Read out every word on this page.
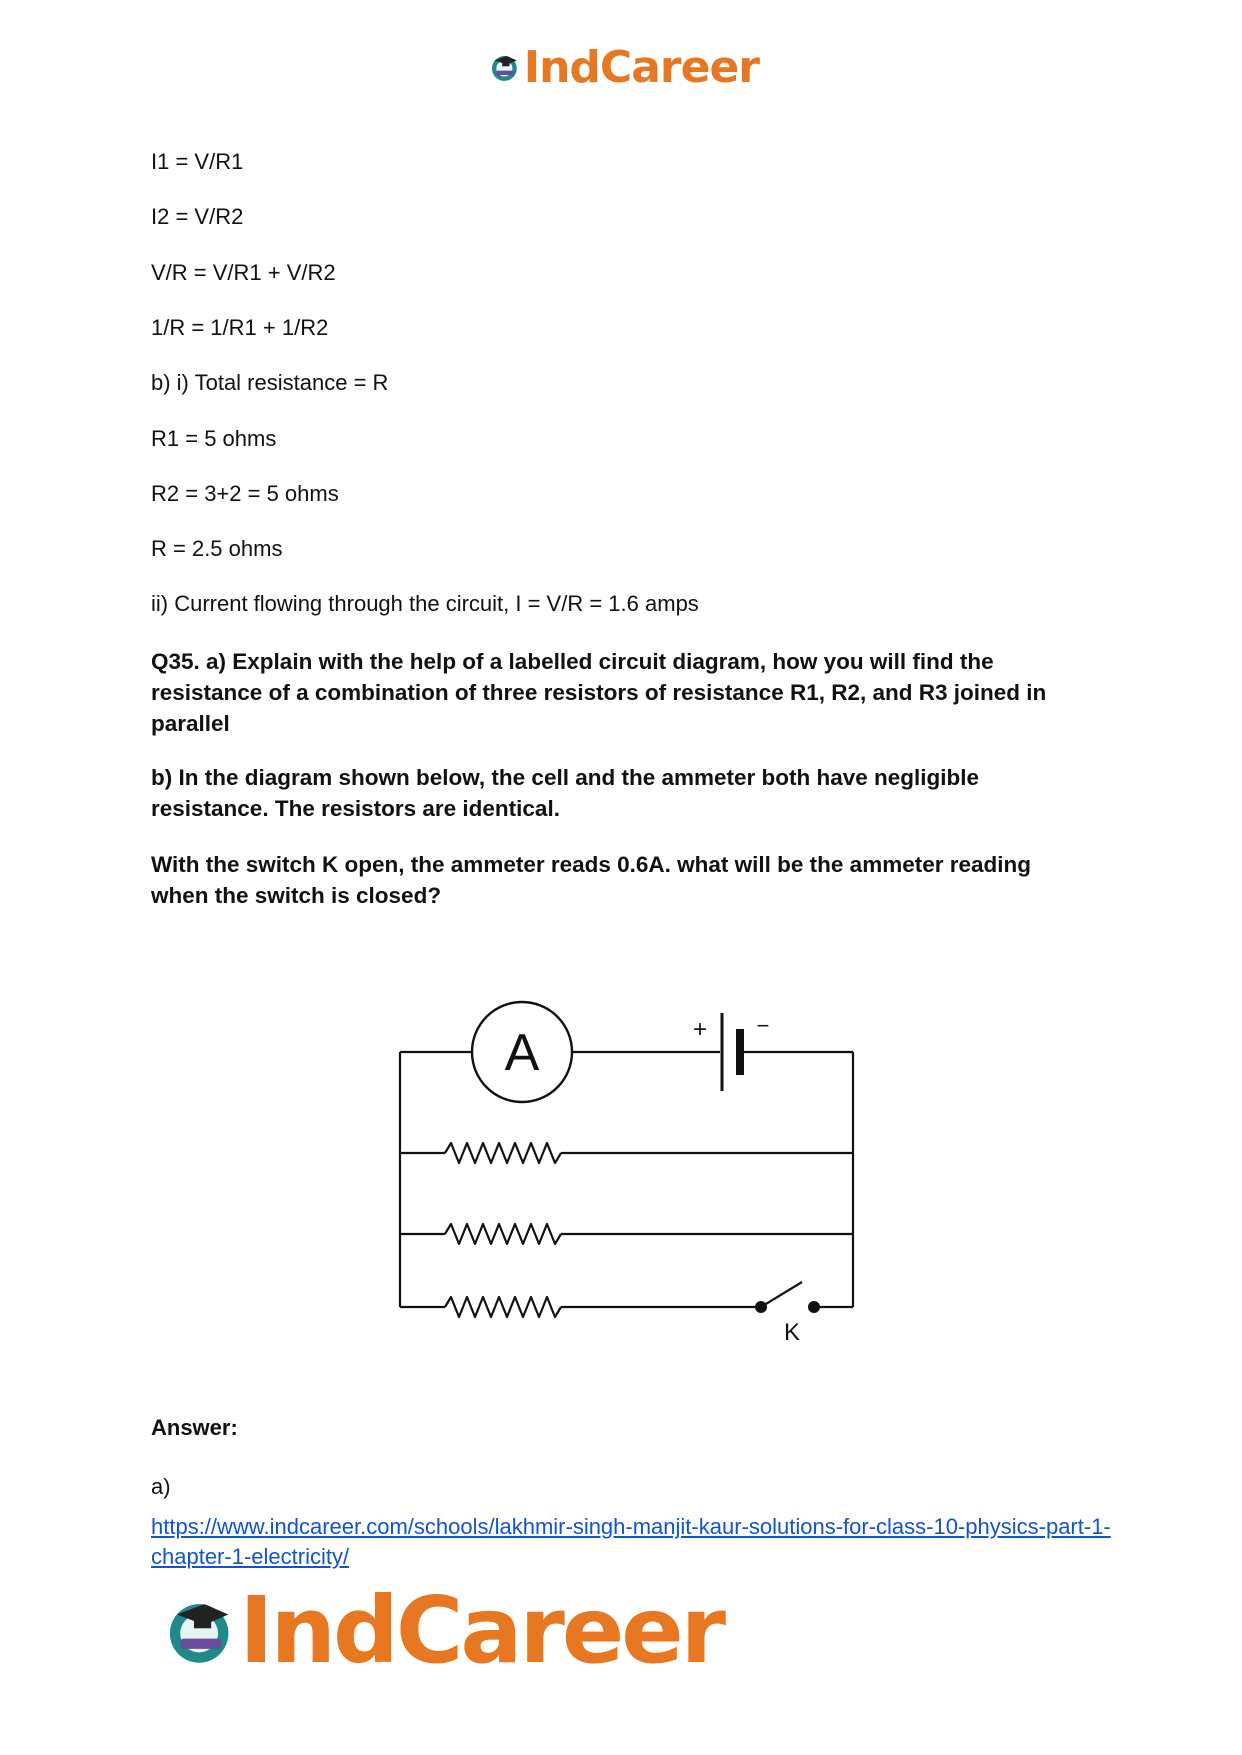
IndCareer
I1 = V/R1
I2 = V/R2
V/R = V/R1 + V/R2
1/R = 1/R1 + 1/R2
b) i) Total resistance = R
R1 = 5 ohms
R2 = 3+2 = 5 ohms
R = 2.5 ohms
ii) Current flowing through the circuit, I = V/R = 1.6 amps
Q35. a) Explain with the help of a labelled circuit diagram, how you will find the resistance of a combination of three resistors of resistance R1, R2, and R3 joined in parallel
b) In the diagram shown below, the cell and the ammeter both have negligible resistance. The resistors are identical.
With the switch K open, the ammeter reads 0.6A. what will be the ammeter reading when the switch is closed?
Answer:
a)
https://www.indcareer.com/schools/lakhmir-singh-manjit-kaur-solutions-for-class-10-physics-part-1-chapter-1-electricity/
A	+ −
K
IndCareer
